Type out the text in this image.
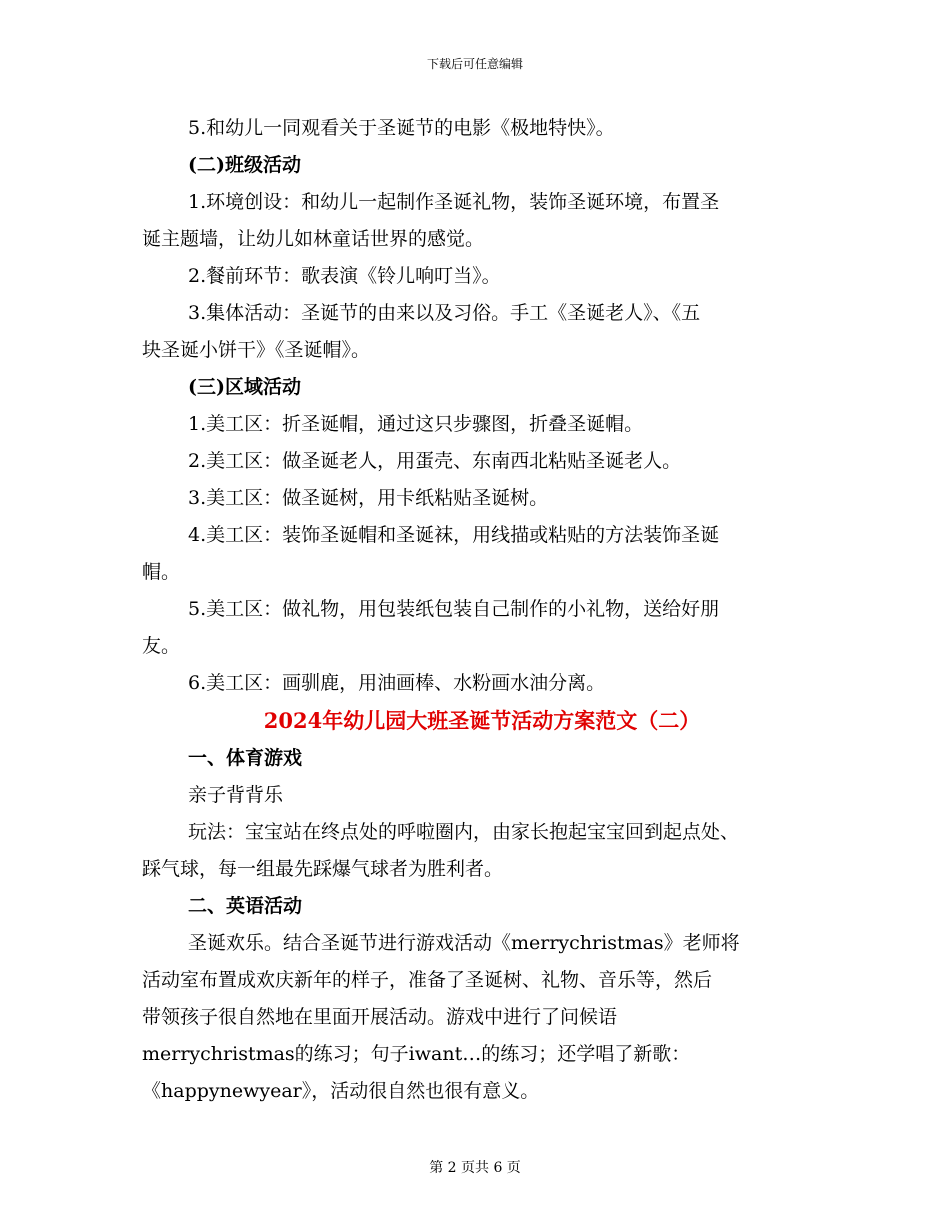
下载后可任意编辑
5.和幼儿一同观看关于圣诞节的电影《极地特快》。
(二)班级活动
1.环境创设：和幼儿一起制作圣诞礼物，装饰圣诞环境，布置圣
诞主题墙，让幼儿如林童话世界的感觉。
2.餐前环节：歌表演《铃儿响叮当》。
3.集体活动：圣诞节的由来以及习俗。手工《圣诞老人》、《五
块圣诞小饼干》《圣诞帽》。
(三)区域活动
1.美工区：折圣诞帽，通过这只步骤图，折叠圣诞帽。
2.美工区：做圣诞老人，用蛋壳、东南西北粘贴圣诞老人。
3.美工区：做圣诞树，用卡纸粘贴圣诞树。
4.美工区：装饰圣诞帽和圣诞袜，用线描或粘贴的方法装饰圣诞
帽。
5.美工区：做礼物，用包装纸包装自己制作的小礼物，送给好朋
友。
6.美工区：画驯鹿，用油画棒、水粉画水油分离。
2024年幼儿园大班圣诞节活动方案范文（二）
一、体育游戏
亲子背背乐
玩法：宝宝站在终点处的呼啦圈内，由家长抱起宝宝回到起点处、
踩气球，每一组最先踩爆气球者为胜利者。
二、英语活动
圣诞欢乐。结合圣诞节进行游戏活动《merrychristmas》老师将
活动室布置成欢庆新年的样子，准备了圣诞树、礼物、音乐等，然后
带领孩子很自然地在里面开展活动。游戏中进行了问候语
merrychristmas的练习；句子iwant…的练习；还学唱了新歌：
《happynewyear》，活动很自然也很有意义。
第 2 页共 6 页
